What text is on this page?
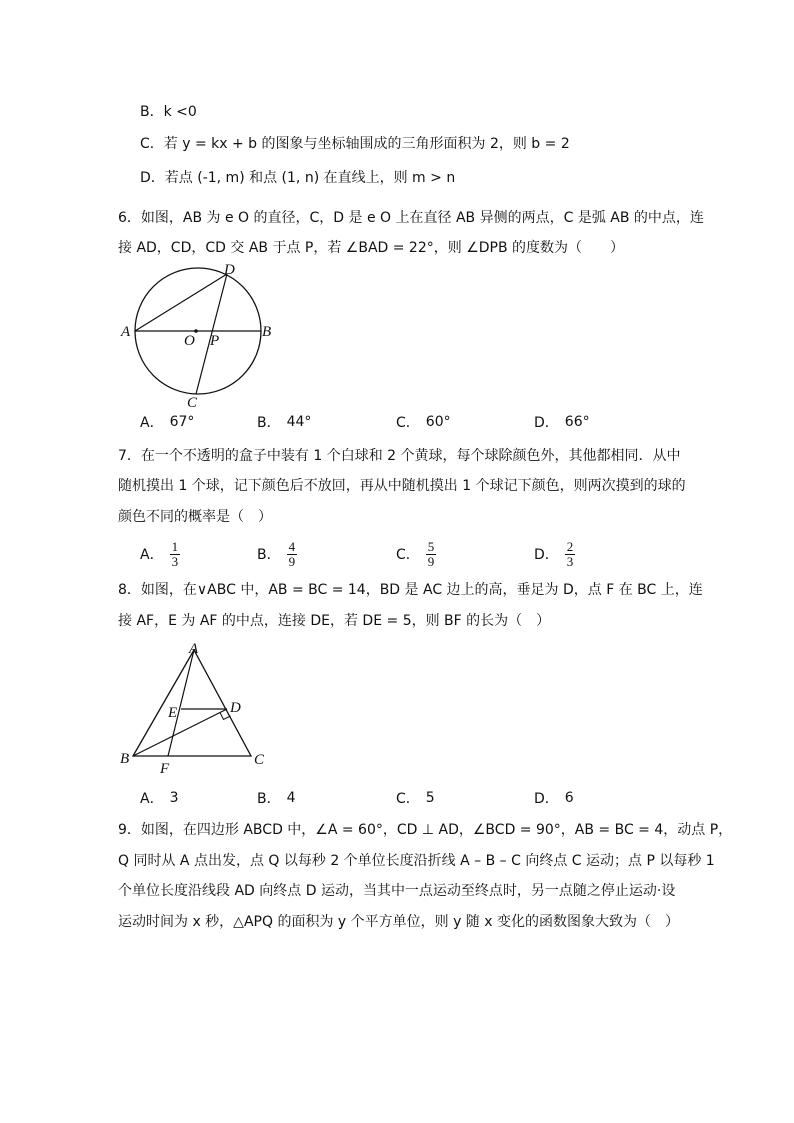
B．k <0
C．若 y = kx + b 的图象与坐标轴围成的三角形面积为 2，则 b = 2
D．若点 (-1, m) 和点 (1, n) 在直线上，则 m > n
6．如图，AB 为 e O 的直径，C，D 是 e O 上在直径 AB 异侧的两点，C 是弧 AB 的中点，连
接 AD，CD，CD 交 AB 于点 P，若 ∠BAD = 22°，则 ∠DPB 的度数为（　　）
A	B
D
C
O P
A． 67°	B． 44°	C． 60°	D． 66°
7．在一个不透明的盒子中装有 1 个白球和 2 个黄球，每个球除颜色外，其他都相同．从中
随机摸出 1 个球，记下颜色后不放回，再从中随机摸出 1 个球记下颜色，则两次摸到的球的
颜色不同的概率是（　）
A． $\frac{1}{3}$	B． $\frac{4}{9}$	C． $\frac{5}{9}$	D． $\frac{2}{3}$
8．如图，在∨ABC 中，AB = BC = 14，BD 是 AC 边上的高，垂足为 D，点 F 在 BC 上，连
接 AF，E 为 AF 的中点，连接 DE，若 DE = 5，则 BF 的长为（　）
A
B	C
D
E
F
A． 3	B． 4	C． 5	D． 6
9．如图，在四边形 ABCD 中，∠A = 60°，CD ⊥ AD，∠BCD = 90°，AB = BC = 4，动点 P，
Q 同时从 A 点出发，点 Q 以每秒 2 个单位长度沿折线 A – B – C 向终点 C 运动；点 P 以每秒 1
个单位长度沿线段 AD 向终点 D 运动，当其中一点运动至终点时，另一点随之停止运动·设
运动时间为 x 秒，△APQ 的面积为 y 个平方单位，则 y 随 x 变化的函数图象大致为（　）
